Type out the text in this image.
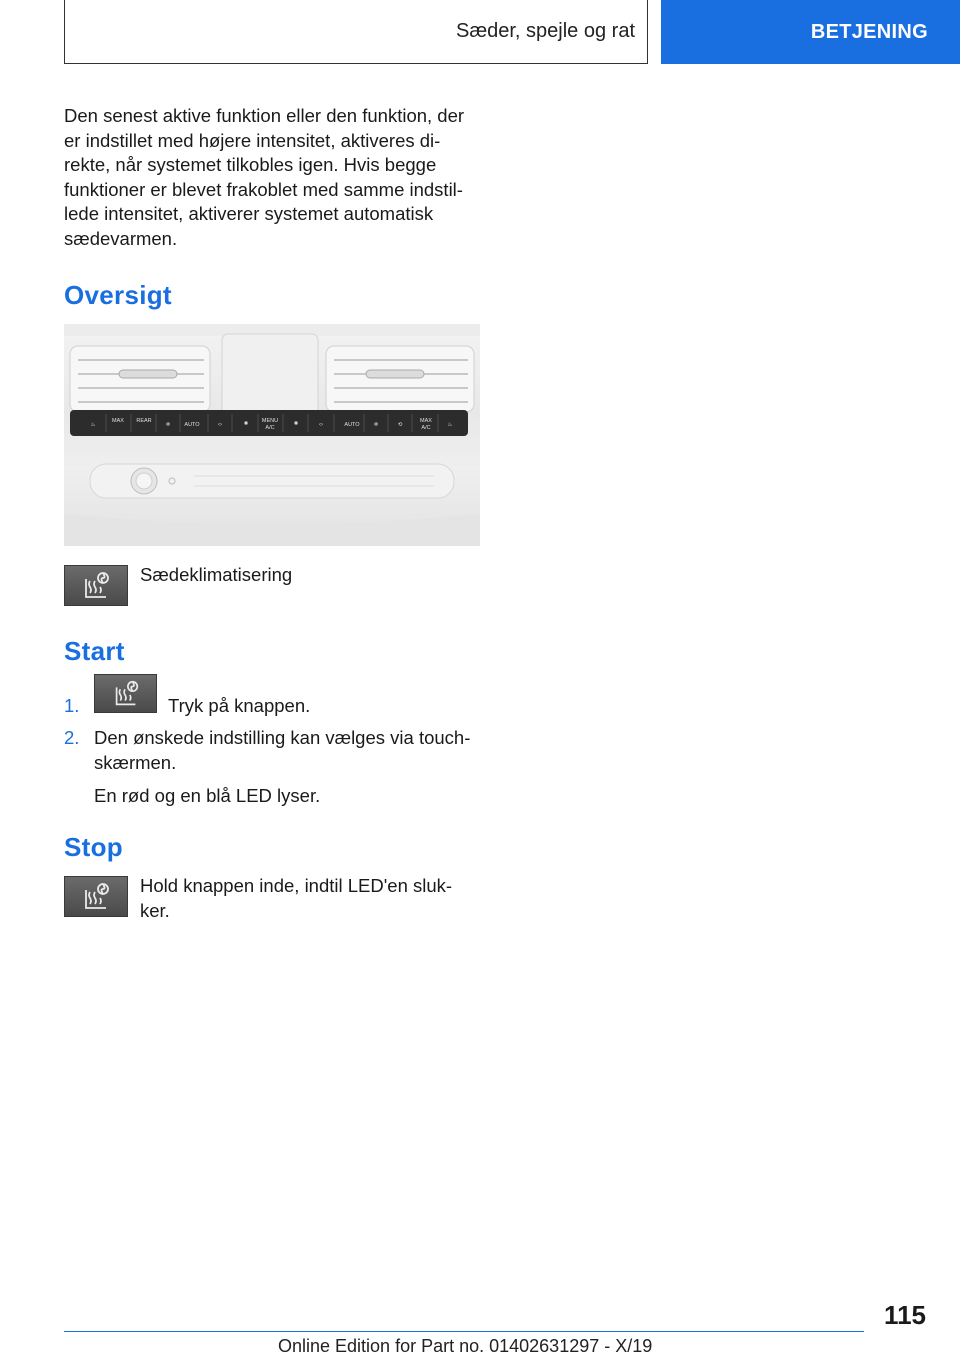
Sæder, spejle og rat	BETJENING

Den senest aktive funktion eller den funktion, der
er indstillet med højere intensitet, aktiveres di-
rekte, når systemet tilkobles igen. Hvis begge
funktioner er blevet frakoblet med samme indstil-
lede intensitet, aktiverer systemet automatisk
sædevarmen.

Oversigt
♨
MAX REAR
❄	AUTO	✺ MENU
A/C
✺	AUTO	❄	⟲
MAX
A/C	♨
‹›	‹›

Sædeklimatisering

Start
1.	Tryk på knappen.

2. Den ønskede indstilling kan vælges via touch-
skærmen.

En rød og en blå LED lyser.

Stop

Hold knappen inde, indtil LED'en sluk-
ker.

115
Online Edition for Part no. 01402631297 - X/19
